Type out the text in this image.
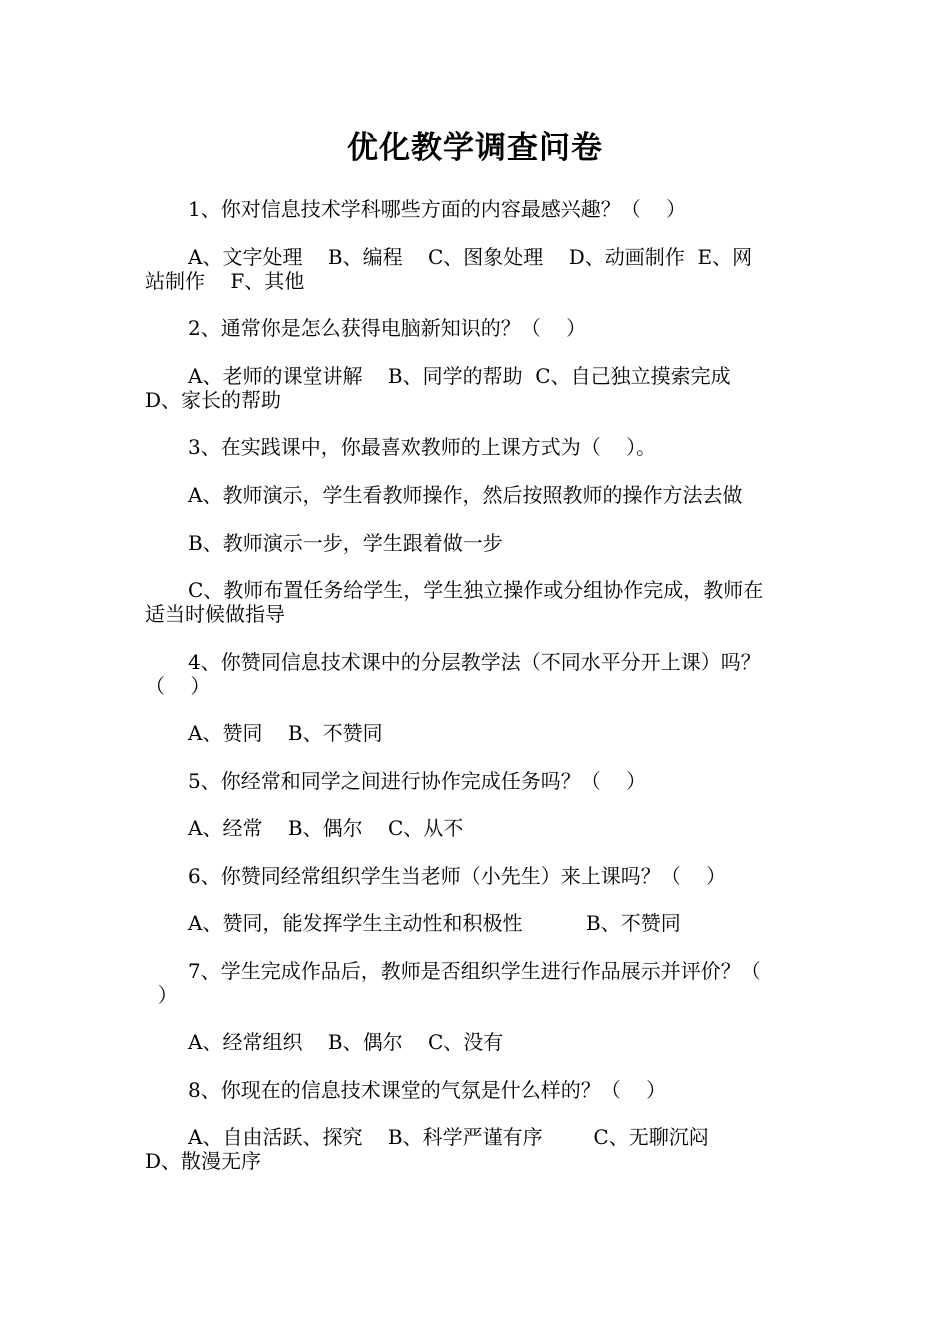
优化教学调查问卷

1、你对信息技术学科哪些方面的内容最感兴趣？（    ）

A、文字处理    B、编程    C、图象处理    D、动画制作  E、网
站制作    F、其他

2、通常你是怎么获得电脑新知识的？（    ）

A、老师的课堂讲解    B、同学的帮助  C、自己独立摸索完成
D、家长的帮助

3、在实践课中，你最喜欢教师的上课方式为（    ）。

A、教师演示，学生看教师操作，然后按照教师的操作方法去做

B、教师演示一步，学生跟着做一步

C、教师布置任务给学生，学生独立操作或分组协作完成，教师在
适当时候做指导

4、你赞同信息技术课中的分层教学法（不同水平分开上课）吗？
（    ）

A、赞同    B、不赞同

5、你经常和同学之间进行协作完成任务吗？（    ）

A、经常    B、偶尔    C、从不

6、你赞同经常组织学生当老师（小先生）来上课吗？（    ）

A、赞同，能发挥学生主动性和积极性          B、不赞同

7、学生完成作品后，教师是否组织学生进行作品展示并评价？（
）

A、经常组织    B、偶尔    C、没有

8、你现在的信息技术课堂的气氛是什么样的？（    ）

A、自由活跃、探究    B、科学严谨有序        C、无聊沉闷
D、散漫无序
